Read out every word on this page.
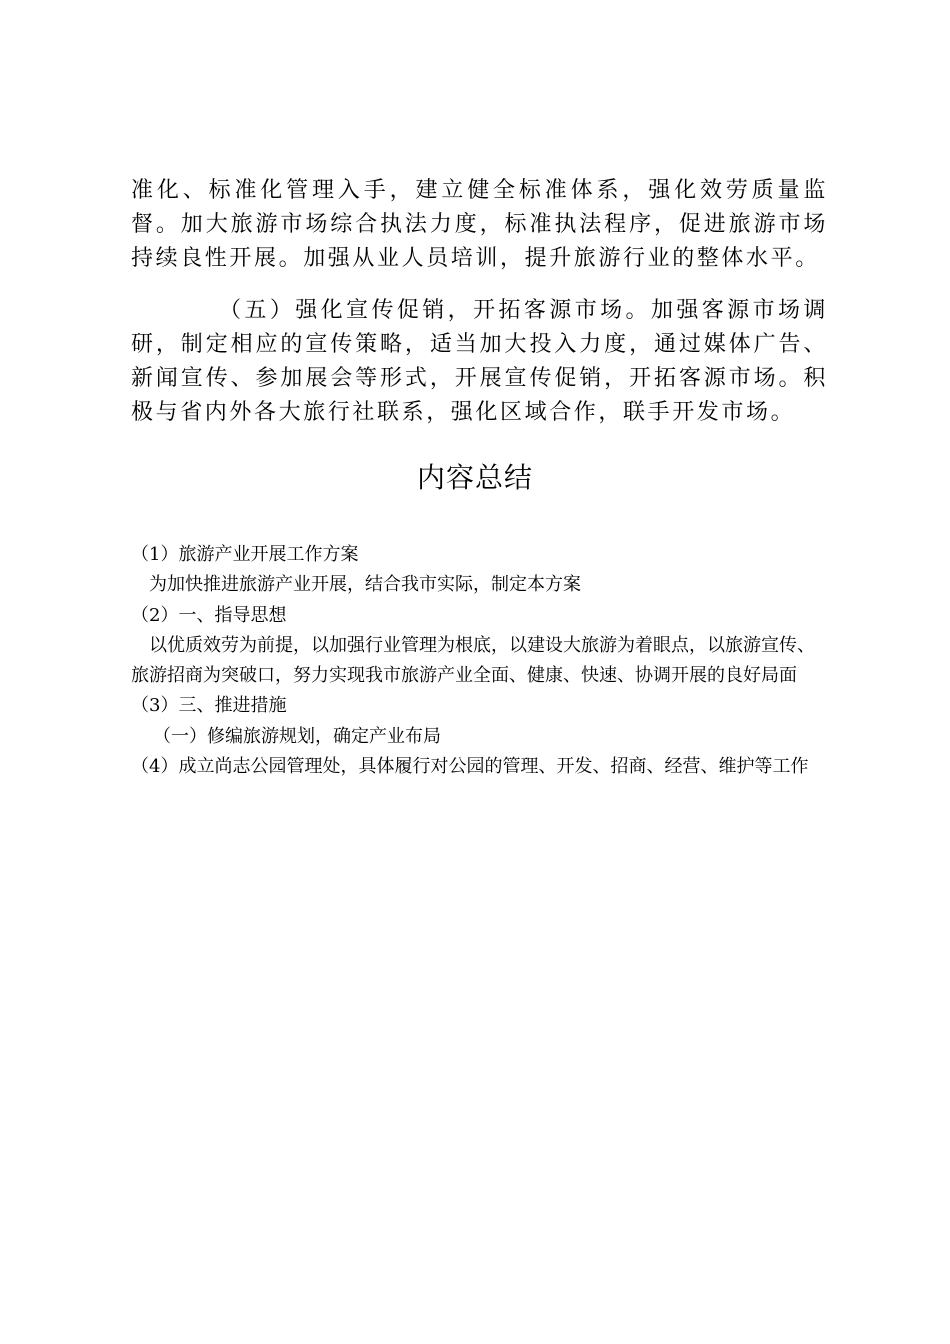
准化、标准化管理入手，建立健全标准体系，强化效劳质量监督。加大旅游市场综合执法力度，标准执法程序，促进旅游市场持续良性开展。加强从业人员培训，提升旅游行业的整体水平。

（五）强化宣传促销，开拓客源市场。加强客源市场调研，制定相应的宣传策略，适当加大投入力度，通过媒体广告、新闻宣传、参加展会等形式，开展宣传促销，开拓客源市场。积极与省内外各大旅行社联系，强化区域合作，联手开发市场。

内容总结

（1）旅游产业开展工作方案

为加快推进旅游产业开展，结合我市实际，制定本方案

（2）一、指导思想

以优质效劳为前提，以加强行业管理为根底，以建设大旅游为着眼点，以旅游宣传、旅游招商为突破口，努力实现我市旅游产业全面、健康、快速、协调开展的良好局面

（3）三、推进措施

（一）修编旅游规划，确定产业布局

（4）成立尚志公园管理处，具体履行对公园的管理、开发、招商、经营、维护等工作
